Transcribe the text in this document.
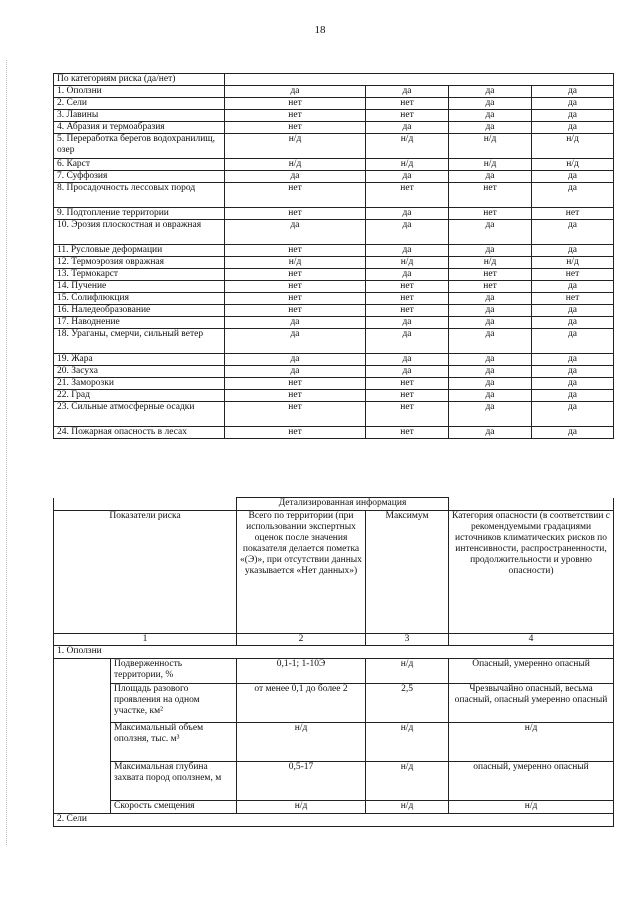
18
По категориям риска (да/нет)				
1. Оползни	да	да	да	да
2. Сели	нет	нет	да	да
3. Лавины	нет	нет	да	да
4. Абразия и термоабразия	нет	да	да	да
5. Переработка берегов водохранилищ, озер	н/д	н/д	н/д	н/д
6. Карст	н/д	н/д	н/д	н/д
7. Суффозия	да	да	да	да
8. Просадочность лессовых пород	нет	нет	нет	да
9. Подтопление территории	нет	да	нет	нет
10. Эрозия плоскостная и овражная	да	да	да	да
11. Русловые деформации	нет	да	да	да
12. Термоэрозия овражная	н/д	н/д	н/д	н/д
13. Термокарст	нет	да	нет	нет
14. Пучение	нет	нет	нет	да
15. Солифлюкция	нет	нет	да	нет
16. Наледеобразование	нет	нет	да	да
17. Наводнение	да	да	да	да
18. Ураганы, смерчи, сильный ветер	да	да	да	да
19. Жара	да	да	да	да
20. Засуха	да	да	да	да
21. Заморозки	нет	нет	да	да
22. Град	нет	нет	да	да
23. Сильные атмосферные осадки	нет	нет	да	да
24. Пожарная опасность в лесах	нет	нет	да	да
		Детализированная информация		
Показатели риска		Всего по территории (при использовании экспертных оценок после значения показателя делается пометка «(Э)», при отсутствии данных указывается «Нет данных»)	Максимум	Категория опасности (в соответствии с рекомендуемыми градациями источников климатических рисков по интенсивности, распространенности, продолжительности и уровню опасности)
1		2	3	4
1. Оползни				
	Подверженность территории, %	0,1-1; 1-10Э	н/д	Опасный, умеренно опасный
	Площадь разового проявления на одном участке, км²	от менее 0,1 до более 2	2,5	Чрезвычайно опасный, весьма опасный, опасный умеренно опасный
	Максимальный объем оползня, тыс. м³	н/д	н/д	н/д
	Максимальная глубина захвата пород оползнем, м	0,5-17	н/д	опасный, умеренно опасный
	Скорость смещения	н/д	н/д	н/д
2. Сели				
